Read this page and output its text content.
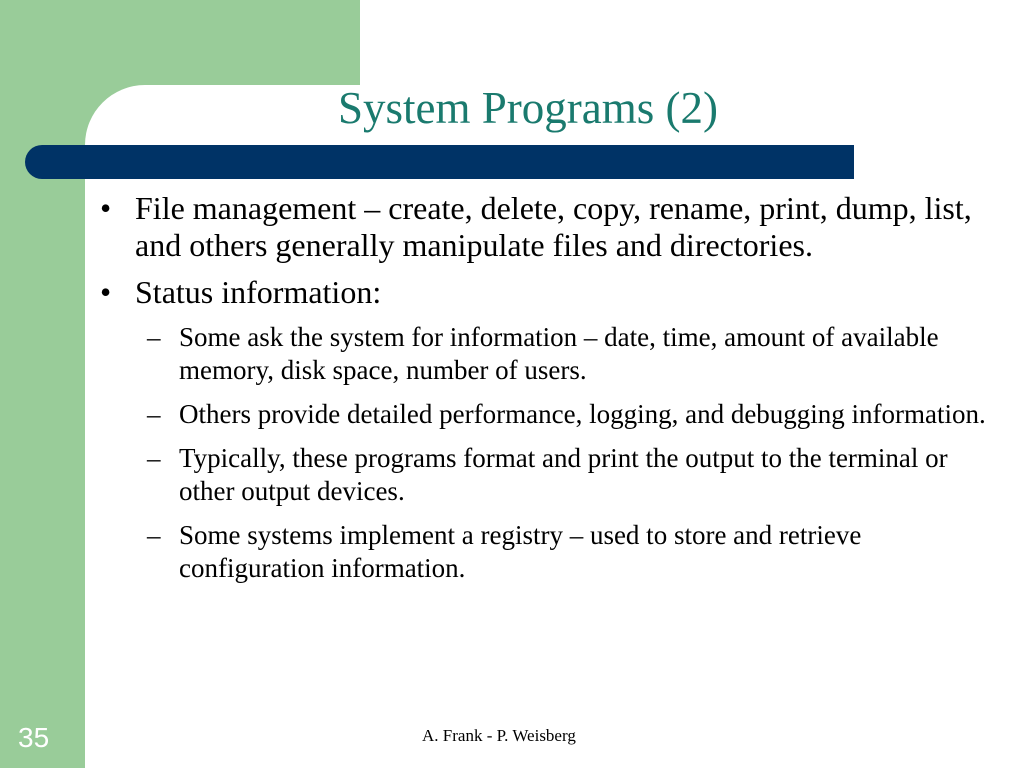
System Programs (2)
• File management – create, delete, copy, rename, print, dump, list, and others generally manipulate files and directories.
• Status information:
– Some ask the system for information – date, time, amount of available memory, disk space, number of users.
– Others provide detailed performance, logging, and debugging information.
– Typically, these programs format and print the output to the terminal or other output devices.
– Some systems implement a registry – used to store and retrieve configuration information.
35	A. Frank - P. Weisberg
